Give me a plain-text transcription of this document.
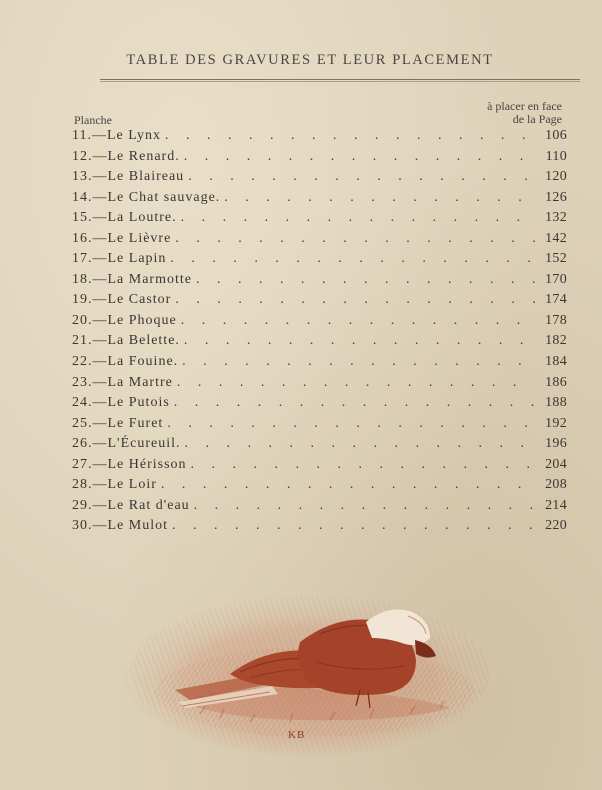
TABLE DES GRAVURES ET LEUR PLACEMENT
Planche
à placer en face
de la Page
11. — Le Lynx . . .	106
12. — Le Renard. . . .	110
13. — Le Blaireau . . .	120
14. — Le Chat sauvage. . . .	126
15. — La Loutre. . . .	132
16. — Le Lièvre . . .	142
17. — Le Lapin . . .	152
18. — La Marmotte . . .	170
19. — Le Castor . . .	174
20. — Le Phoque . . .	178
21. — La Belette. . . .	182
22. — La Fouine. . . .	184
23. — La Martre . . .	186
24. — Le Putois . . .	188
25. — Le Furet . . .	192
26. — L'Écureuil. . . .	196
27. — Le Hérisson . . .	204
28. — Le Loir . . .	208
29. — Le Rat d'eau . . .	214
30. — Le Mulot . . .	220
KB
